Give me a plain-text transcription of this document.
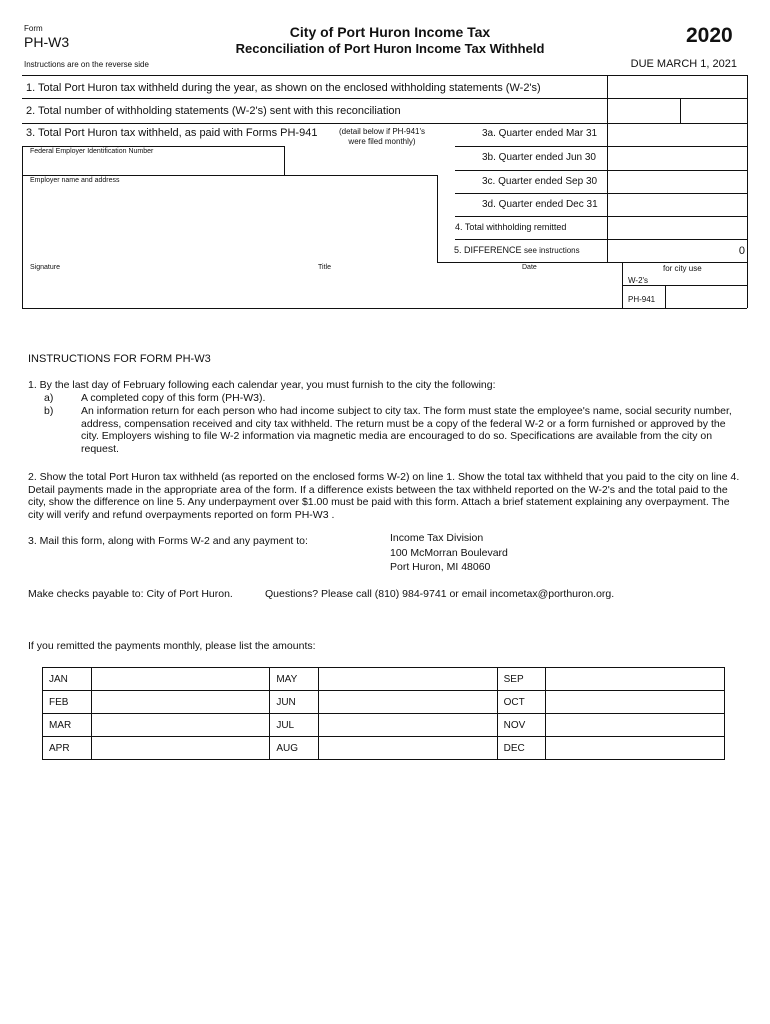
Form
PH-W3
City of Port Huron Income Tax
Reconciliation of Port Huron Income Tax Withheld
2020
Instructions are on the reverse side	DUE MARCH 1, 2021
1. Total Port Huron tax withheld during the year, as shown on the enclosed withholding statements (W-2's)
2. Total number of withholding statements (W-2's) sent with this reconciliation
3. Total Port Huron tax withheld, as paid with Forms PH-941	(detail below if PH-941's were filed monthly)
3a. Quarter ended Mar 31
3b. Quarter ended Jun 30
3c. Quarter ended Sep 30
3d. Quarter ended Dec 31
4. Total withholding remitted
5. DIFFERENCE see instructions	0
Federal Employer Identification Number
Employer name and address
Signature	Title	Date	for city use
W-2's
PH-941
INSTRUCTIONS FOR FORM PH-W3
1. By the last day of February following each calendar year, you must furnish to the city the following:
a)	A completed copy of this form (PH-W3).
b)	An information return for each person who had income subject to city tax. The form must state the employee's name, social security number, address, compensation received and city tax withheld. The return must be a copy of the federal W-2 or a form furnished or approved by the city. Employers wishing to file W-2 information via magnetic media are encouraged to do so. Specifications are available from the city on request.
2. Show the total Port Huron tax withheld (as reported on the enclosed forms W-2) on line 1. Show the total tax withheld that you paid to the city on line 4. Detail payments made in the appropriate area of the form. If a difference exists between the tax withheld reported on the W-2's and the total paid to the city, show the difference on line 5. Any underpayment over $1.00 must be paid with this form. Attach a brief statement explaining any overpayment. The city will verify and refund overpayments reported on form PH-W3 .
3. Mail this form, along with Forms W-2 and any payment to:	Income Tax Division
100 McMorran Boulevard
Port Huron, MI 48060
Make checks payable to: City of Port Huron.	Questions? Please call (810) 984-9741 or email incometax@porthuron.org.
If you remitted the payments monthly, please list the amounts:
JAN		MAY		SEP	
FEB		JUN		OCT	
MAR		JUL		NOV	
APR		AUG		DEC	
